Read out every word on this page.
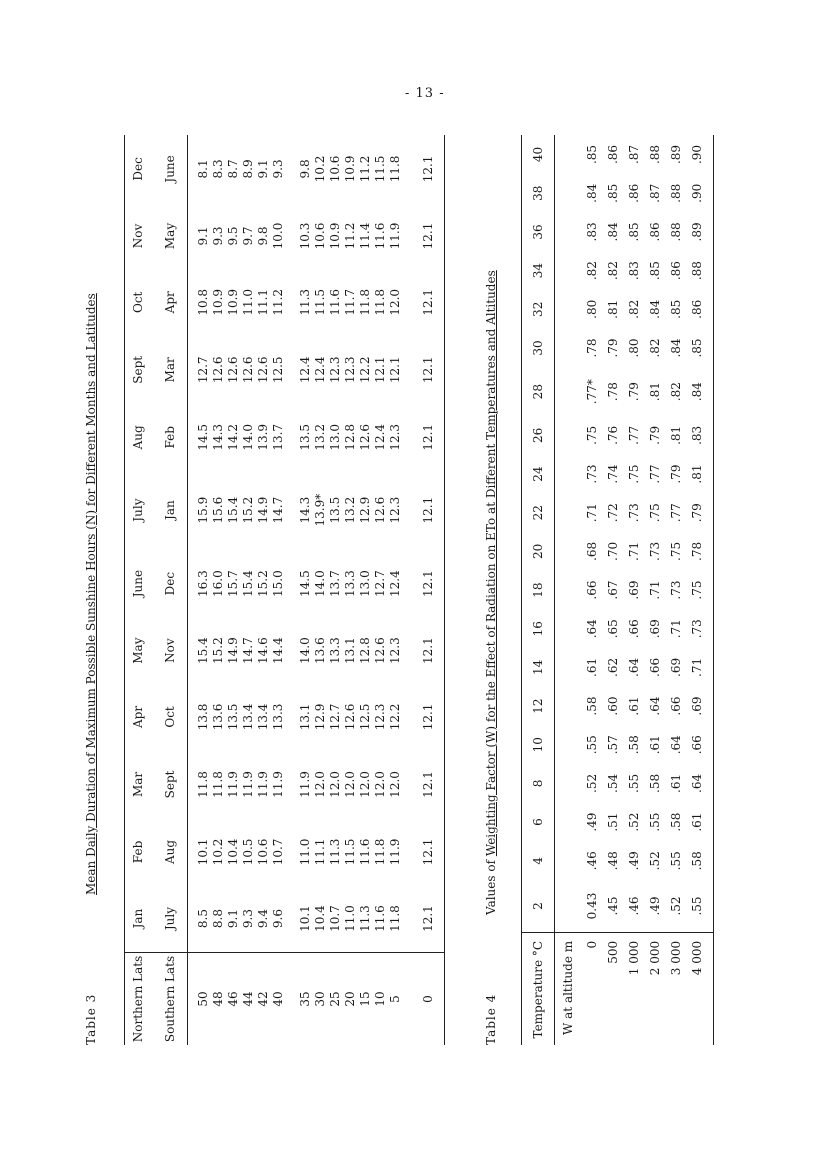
- 13 -
Table 3
Mean Daily Duration of Maximum Possible Sunshine Hours (N) for Different Months and Latitudes
Northern Lats	Jan	Feb	Mar	Apr	May	June	July	Aug	Sept	Oct	Nov	Dec
Southern Lats	July	Aug	Sept	Oct	Nov	Dec	Jan	Feb	Mar	Apr	May	June
50	8.5	10.1	11.8	13.8	15.4	16.3	15.9	14.5	12.7	10.8	9.1	8.1
48	8.8	10.2	11.8	13.6	15.2	16.0	15.6	14.3	12.6	10.9	9.3	8.3
46	9.1	10.4	11.9	13.5	14.9	15.7	15.4	14.2	12.6	10.9	9.5	8.7
44	9.3	10.5	11.9	13.4	14.7	15.4	15.2	14.0	12.6	11.0	9.7	8.9
42	9.4	10.6	11.9	13.4	14.6	15.2	14.9	13.9	12.6	11.1	9.8	9.1
40	9.6	10.7	11.9	13.3	14.4	15.0	14.7	13.7	12.5	11.2	10.0	9.3

35	10.1	11.0	11.9	13.1	14.0	14.5	14.3	13.5	12.4	11.3	10.3	9.8
30	10.4	11.1	12.0	12.9	13.6	14.0	13.9*	13.2	12.4	11.5	10.6	10.2
25	10.7	11.3	12.0	12.7	13.3	13.7	13.5	13.0	12.3	11.6	10.9	10.6
20	11.0	11.5	12.0	12.6	13.1	13.3	13.2	12.8	12.3	11.7	11.2	10.9
15	11.3	11.6	12.0	12.5	12.8	13.0	12.9	12.6	12.2	11.8	11.4	11.2
10	11.6	11.8	12.0	12.3	12.6	12.7	12.6	12.4	12.1	11.8	11.6	11.5
5	11.8	11.9	12.0	12.2	12.3	12.4	12.3	12.3	12.1	12.0	11.9	11.8

0	12.1	12.1	12.1	12.1	12.1	12.1	12.1	12.1	12.1	12.1	12.1	12.1
Table 4
Values of Weighting Factor (W) for the Effect of Radiation on ETo at Different Temperatures and Altitudes
Temperature °C	2	4	6	8	10	12	14	16	18	20	22	24	26	28	30	32	34	36	38	40
W at altitude m																				
0	0.43	.46	.49	.52	.55	.58	.61	.64	.66	.68	.71	.73	.75	.77*	.78	.80	.82	.83	.84	.85
500	.45	.48	.51	.54	.57	.60	.62	.65	.67	.70	.72	.74	.76	.78	.79	.81	.82	.84	.85	.86
1 000	.46	.49	.52	.55	.58	.61	.64	.66	.69	.71	.73	.75	.77	.79	.80	.82	.83	.85	.86	.87
2 000	.49	.52	.55	.58	.61	.64	.66	.69	.71	.73	.75	.77	.79	.81	.82	.84	.85	.86	.87	.88
3 000	.52	.55	.58	.61	.64	.66	.69	.71	.73	.75	.77	.79	.81	.82	.84	.85	.86	.88	.88	.89
4 000	.55	.58	.61	.64	.66	.69	.71	.73	.75	.78	.79	.81	.83	.84	.85	.86	.88	.89	.90	.90
